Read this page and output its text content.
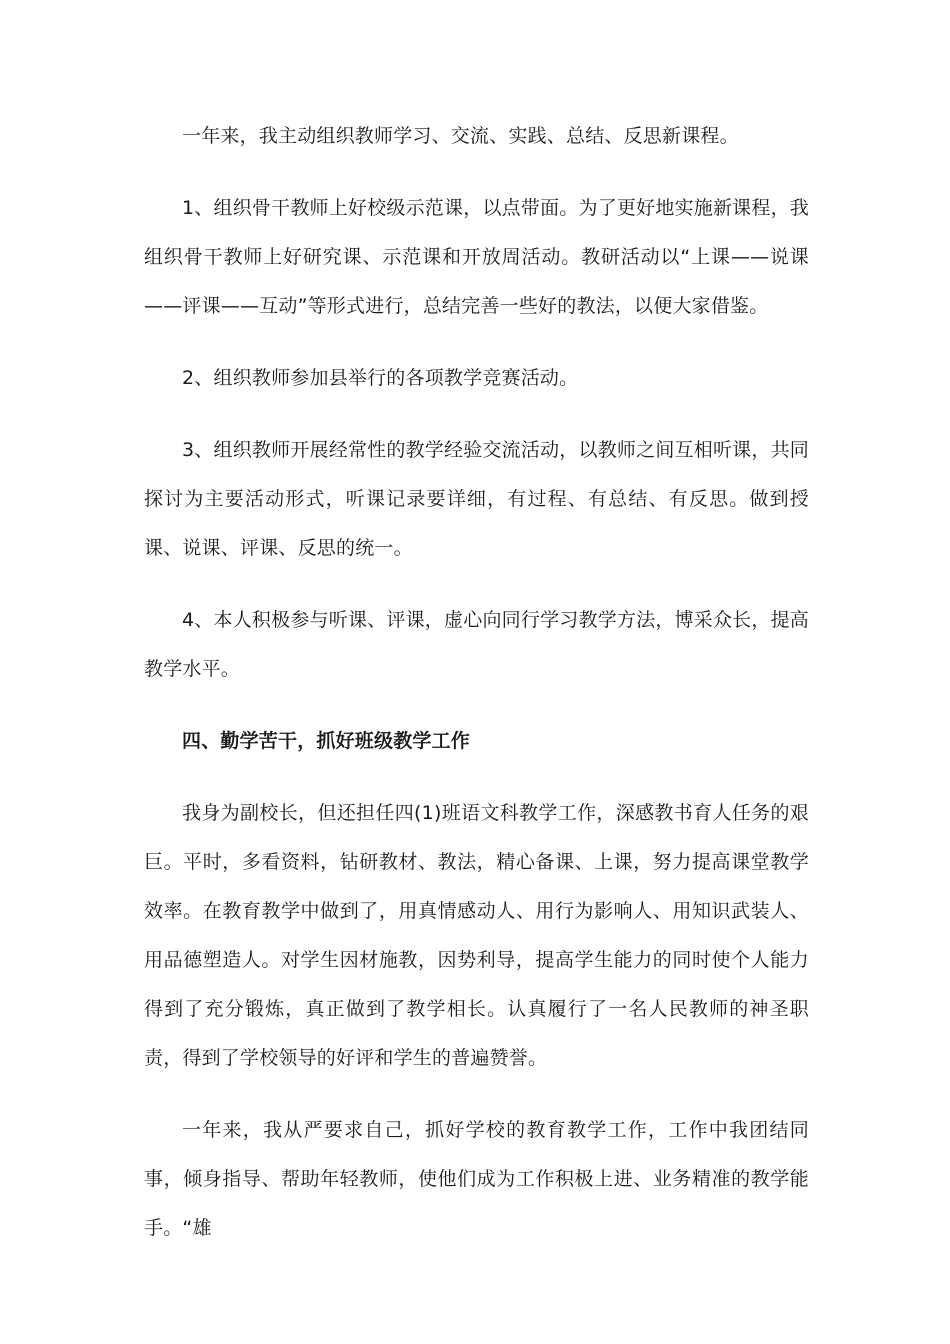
一年来，我主动组织教师学习、交流、实践、总结、反思新课程。

1、组织骨干教师上好校级示范课，以点带面。为了更好地实施新课程，我组织骨干教师上好研究课、示范课和开放周活动。教研活动以“上课——说课——评课——互动”等形式进行，总结完善一些好的教法，以便大家借鉴。

2、组织教师参加县举行的各项教学竞赛活动。

3、组织教师开展经常性的教学经验交流活动，以教师之间互相听课，共同探讨为主要活动形式，听课记录要详细，有过程、有总结、有反思。做到授课、说课、评课、反思的统一。

4、本人积极参与听课、评课，虚心向同行学习教学方法，博采众长，提高教学水平。

四、勤学苦干，抓好班级教学工作

我身为副校长，但还担任四(1)班语文科教学工作，深感教书育人任务的艰巨。平时，多看资料，钻研教材、教法，精心备课、上课，努力提高课堂教学效率。在教育教学中做到了，用真情感动人、用行为影响人、用知识武装人、用品德塑造人。对学生因材施教，因势利导，提高学生能力的同时使个人能力得到了充分锻炼，真正做到了教学相长。认真履行了一名人民教师的神圣职责，得到了学校领导的好评和学生的普遍赞誉。

一年来，我从严要求自己，抓好学校的教育教学工作，工作中我团结同事，倾身指导、帮助年轻教师，使他们成为工作积极上进、业务精准的教学能手。“雄
